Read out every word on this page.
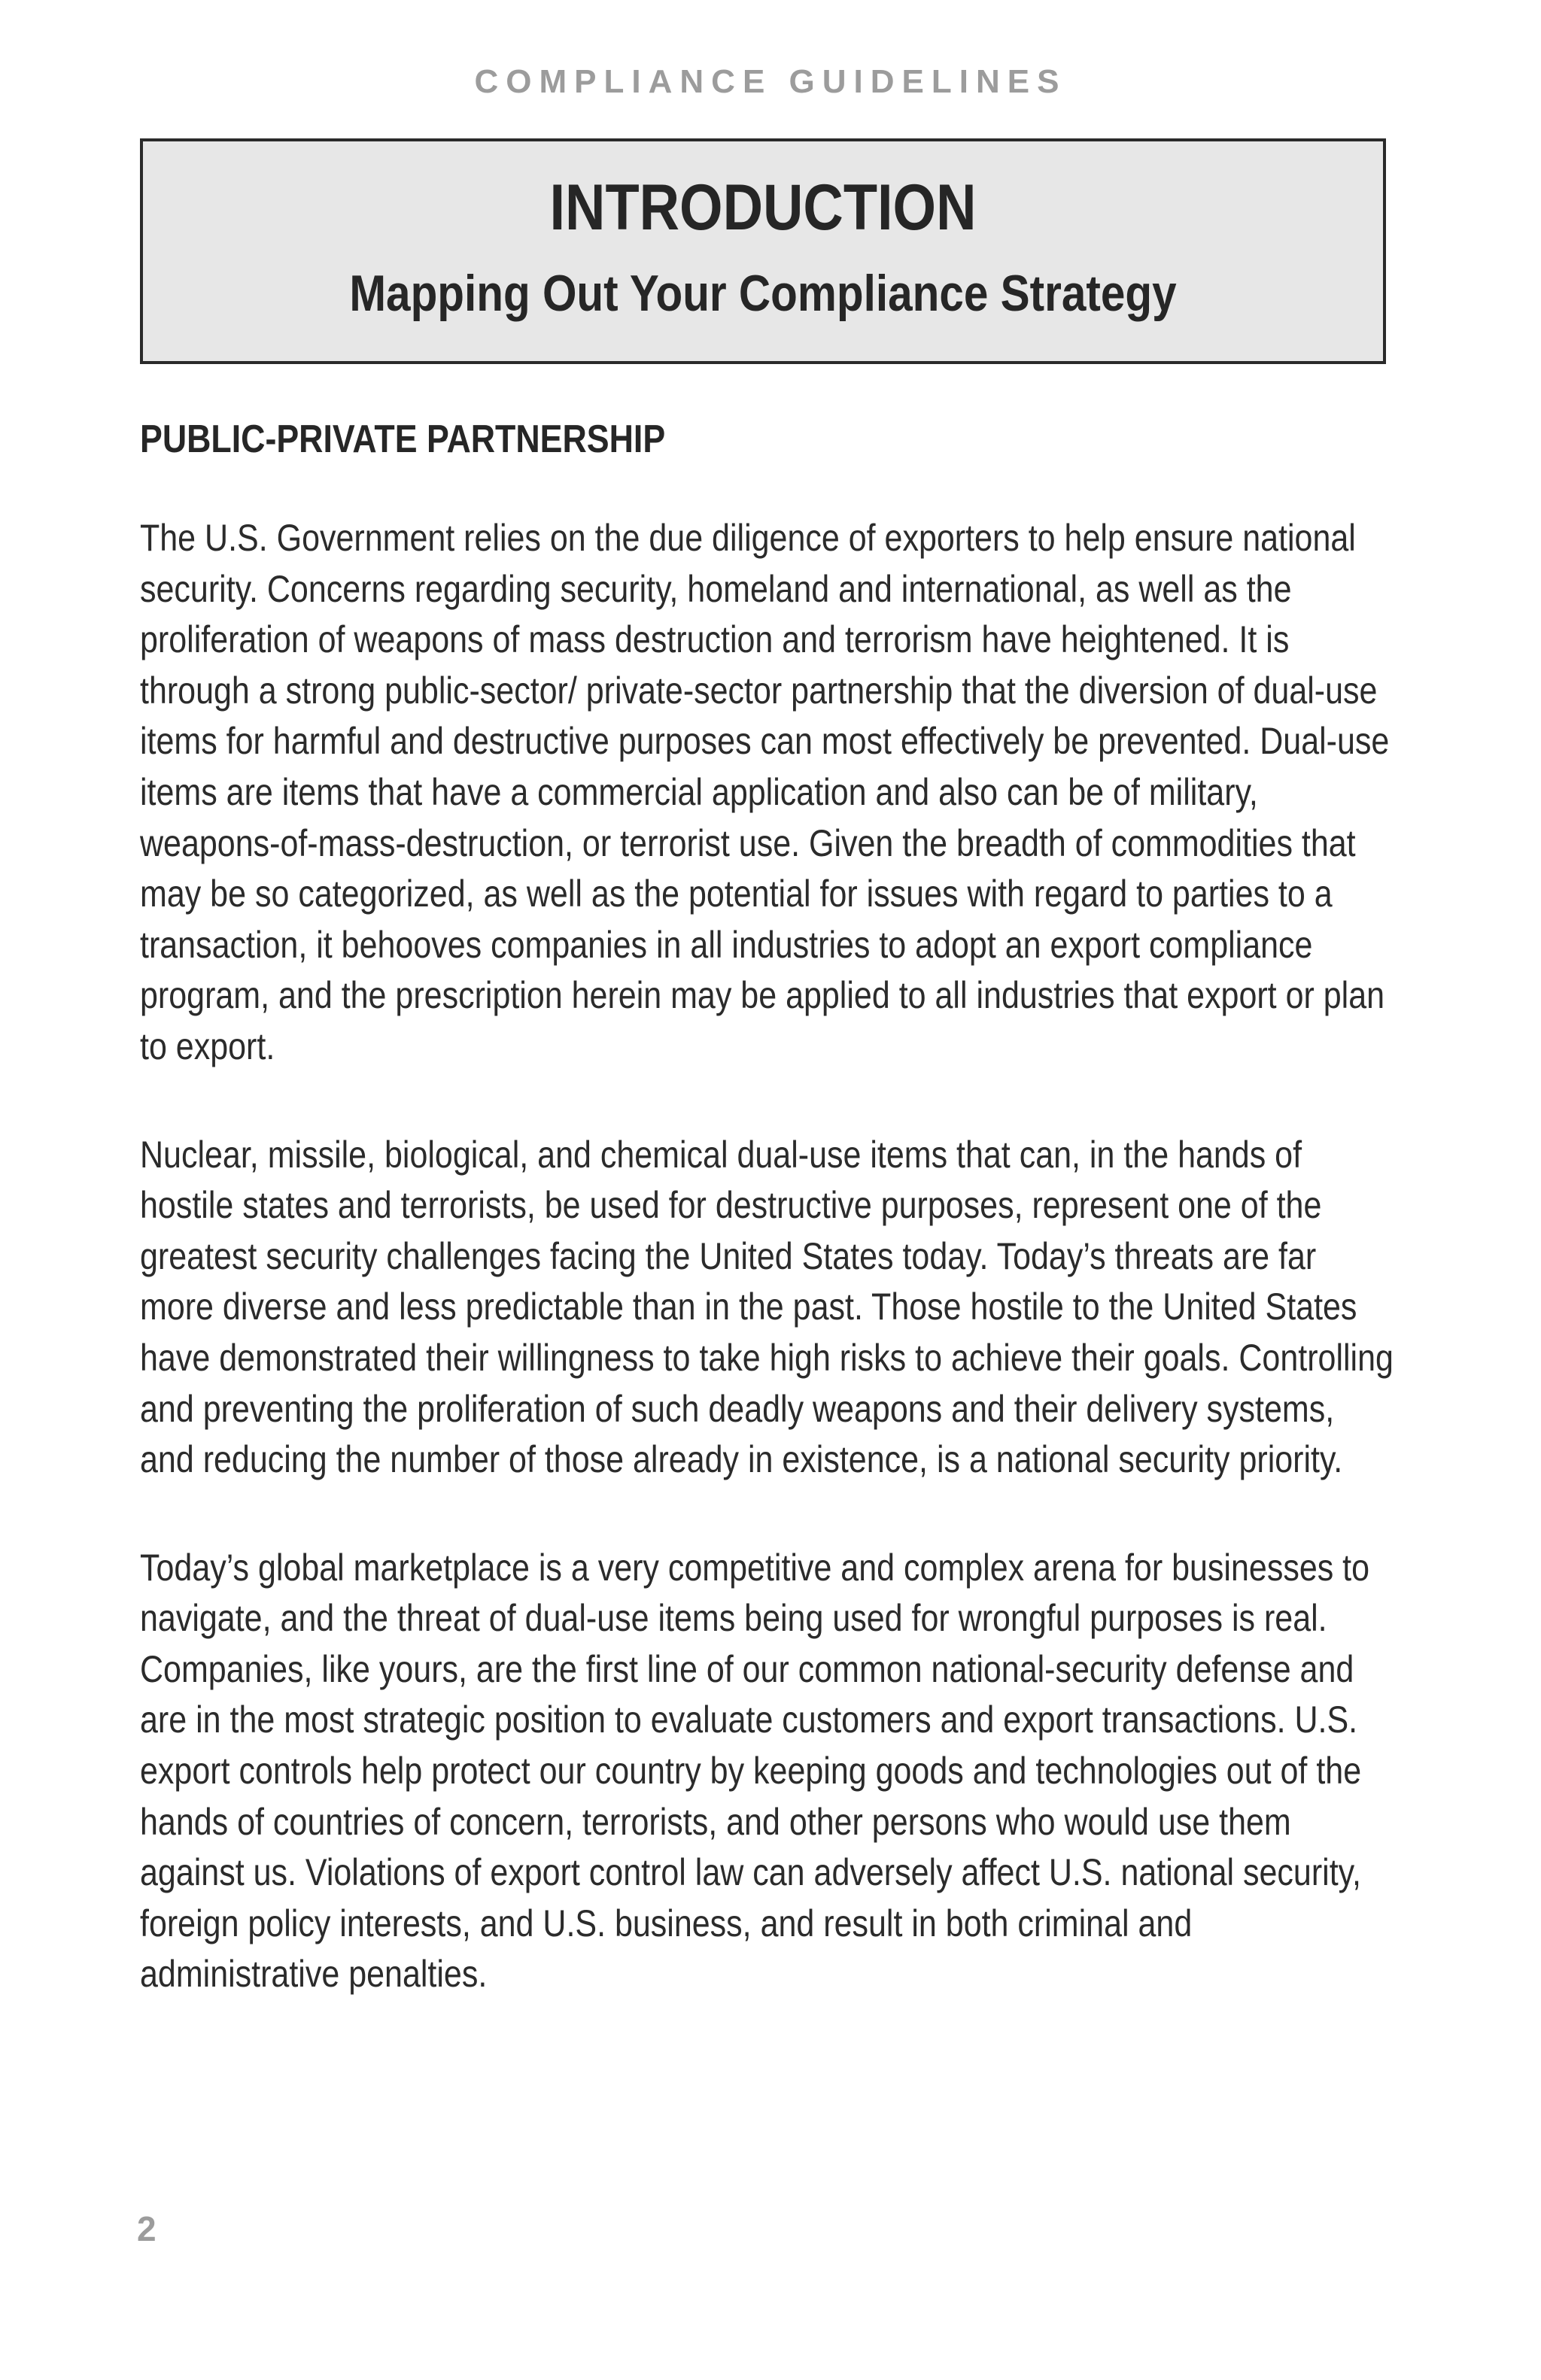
COMPLIANCE GUIDELINES
INTRODUCTION
Mapping Out Your Compliance Strategy
PUBLIC-PRIVATE PARTNERSHIP

The U.S. Government relies on the due diligence of exporters to help ensure national security. Concerns regarding security, homeland and international, as well as the proliferation of weapons of mass destruction and terrorism have heightened. It is through a strong public-sector/ private-sector partnership that the diversion of dual-use items for harmful and destructive purposes can most effectively be prevented. Dual-use items are items that have a commercial application and also can be of military, weapons-of-mass-destruction, or terrorist use. Given the breadth of commodities that may be so categorized, as well as the potential for issues with regard to parties to a transaction, it behooves companies in all industries to adopt an export compliance program, and the prescription herein may be applied to all industries that export or plan to export.

Nuclear, missile, biological, and chemical dual-use items that can, in the hands of hostile states and terrorists, be used for destructive purposes, represent one of the greatest security challenges facing the United States today. Today’s threats are far more diverse and less predictable than in the past. Those hostile to the United States have demonstrated their willingness to take high risks to achieve their goals. Controlling and preventing the proliferation of such deadly weapons and their delivery systems, and reducing the number of those already in existence, is a national security priority.

Today’s global marketplace is a very competitive and complex arena for businesses to navigate, and the threat of dual-use items being used for wrongful purposes is real. Companies, like yours, are the first line of our common national-security defense and are in the most strategic position to evaluate customers and export transactions. U.S. export controls help protect our country by keeping goods and technologies out of the hands of countries of concern, terrorists, and other persons who would use them against us. Violations of export control law can adversely affect U.S. national security, foreign policy interests, and U.S. business, and result in both criminal and administrative penalties.

2
